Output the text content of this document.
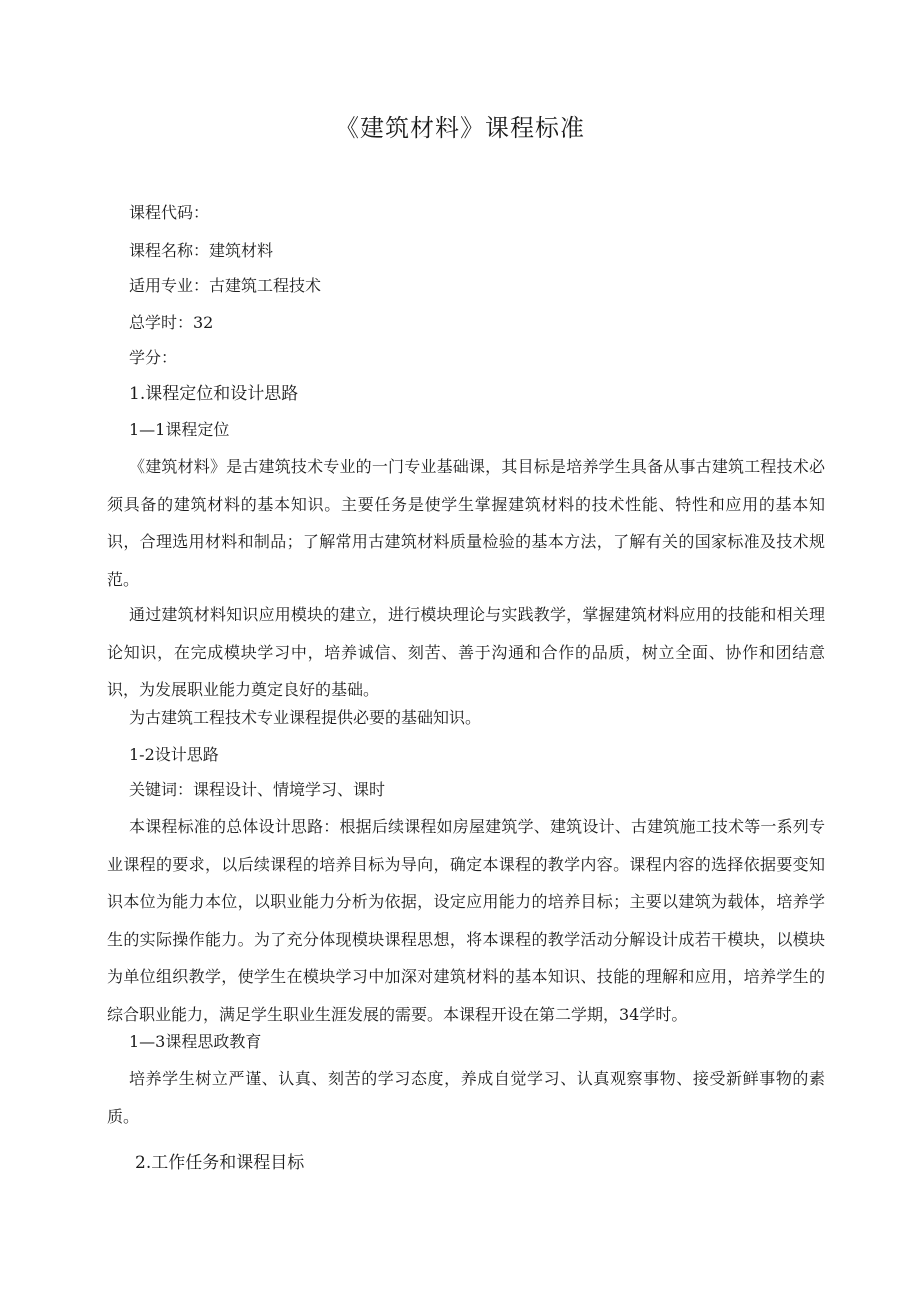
《建筑材料》课程标准

课程代码：

课程名称：建筑材料

适用专业：古建筑工程技术

总学时：32

学分：

1.课程定位和设计思路

1—1课程定位

《建筑材料》是古建筑技术专业的一门专业基础课，其目标是培养学生具备从事古建筑工程技术必须具备的建筑材料的基本知识。主要任务是使学生掌握建筑材料的技术性能、特性和应用的基本知识，合理选用材料和制品；了解常用古建筑材料质量检验的基本方法，了解有关的国家标准及技术规范。

通过建筑材料知识应用模块的建立，进行模块理论与实践教学，掌握建筑材料应用的技能和相关理论知识，在完成模块学习中，培养诚信、刻苦、善于沟通和合作的品质，树立全面、协作和团结意识，为发展职业能力奠定良好的基础。

为古建筑工程技术专业课程提供必要的基础知识。

1-2设计思路

关键词：课程设计、情境学习、课时

本课程标准的总体设计思路：根据后续课程如房屋建筑学、建筑设计、古建筑施工技术等一系列专业课程的要求，以后续课程的培养目标为导向，确定本课程的教学内容。课程内容的选择依据要变知识本位为能力本位，以职业能力分析为依据，设定应用能力的培养目标；主要以建筑为载体，培养学生的实际操作能力。为了充分体现模块课程思想，将本课程的教学活动分解设计成若干模块，以模块为单位组织教学，使学生在模块学习中加深对建筑材料的基本知识、技能的理解和应用，培养学生的综合职业能力，满足学生职业生涯发展的需要。本课程开设在第二学期，34学时。

1—3课程思政教育

培养学生树立严谨、认真、刻苦的学习态度，养成自觉学习、认真观察事物、接受新鲜事物的素质。

2.工作任务和课程目标
